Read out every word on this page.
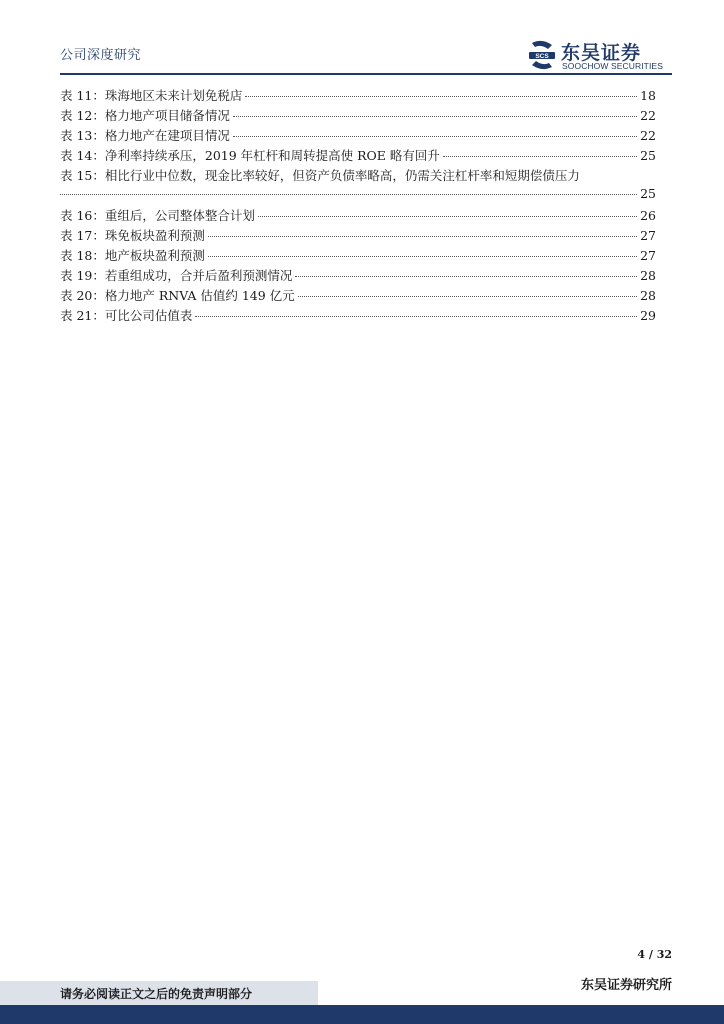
公司深度研究	SCS 东吴证券
SOOCHOW SECURITIES
表 11：珠海地区未来计划免税店	18
表 12：格力地产项目储备情况	22
表 13：格力地产在建项目情况	22
表 14：净利率持续承压，2019 年杠杆和周转提高使 ROE 略有回升	25
表 15：相比行业中位数，现金比率较好，但资产负债率略高，仍需关注杠杆率和短期偿债压力
25
表 16：重组后，公司整体整合计划	26
表 17：珠免板块盈利预测	27
表 18：地产板块盈利预测	27
表 19：若重组成功，合并后盈利预测情况	28
表 20：格力地产 RNVA 估值约 149 亿元	28
表 21：可比公司估值表	29
4 / 32
请务必阅读正文之后的免责声明部分
东吴证券研究所
